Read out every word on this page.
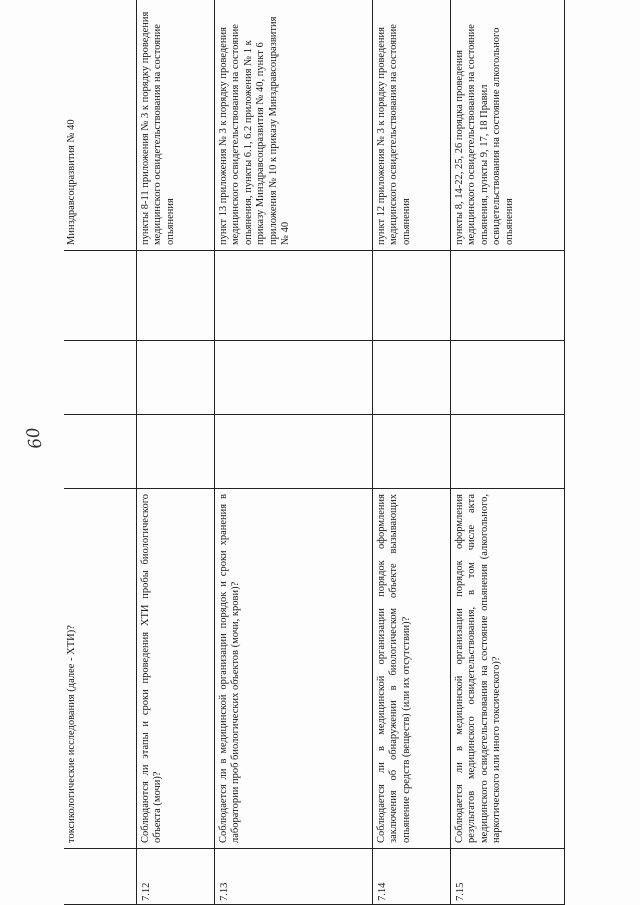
	токсикологические исследования (далее - ХТИ)?				Минздравсоцразвития № 40
7.12	Соблюдаются ли этапы и сроки проведения ХТИ пробы биологического объекта (мочи)?				пункты 8-11 приложения № 3 к порядку проведения медицинского освидетельствования на состояние опьянения
7.13	Соблюдается ли в медицинской организации порядок и сроки хранения в лаборатории проб биологических объектов (мочи, крови)?				пункт 13 приложения № 3 к порядку проведения медицинского освидетельствования на состояние опьянения, пункты 6.1, 6.2 приложения № 1 к приказу Минздравсоцразвития № 40, пункт 6 приложения № 10 к приказу Минздравсоцразвития № 40
7.14	Соблюдается ли в медицинской организации порядок оформления заключения об обнаружении в биологическом объекте вызывающих опьянение средств (веществ) (или их отсутствии)?				пункт 12 приложения № 3 к порядку проведения медицинского освидетельствования на состояние опьянения
7.15	Соблюдается ли в медицинской организации порядок оформления результатов медицинского освидетельствования, в том числе акта медицинского освидетельствования на состояние опьянения (алкогольного, наркотического или иного токсического)?				пункты 8, 14-22, 25, 26 порядка проведения медицинского освидетельствования на состояние опьянения, пункты 9, 17, 18 Правил освидетельствования на состояние алкогольного опьянения
60
